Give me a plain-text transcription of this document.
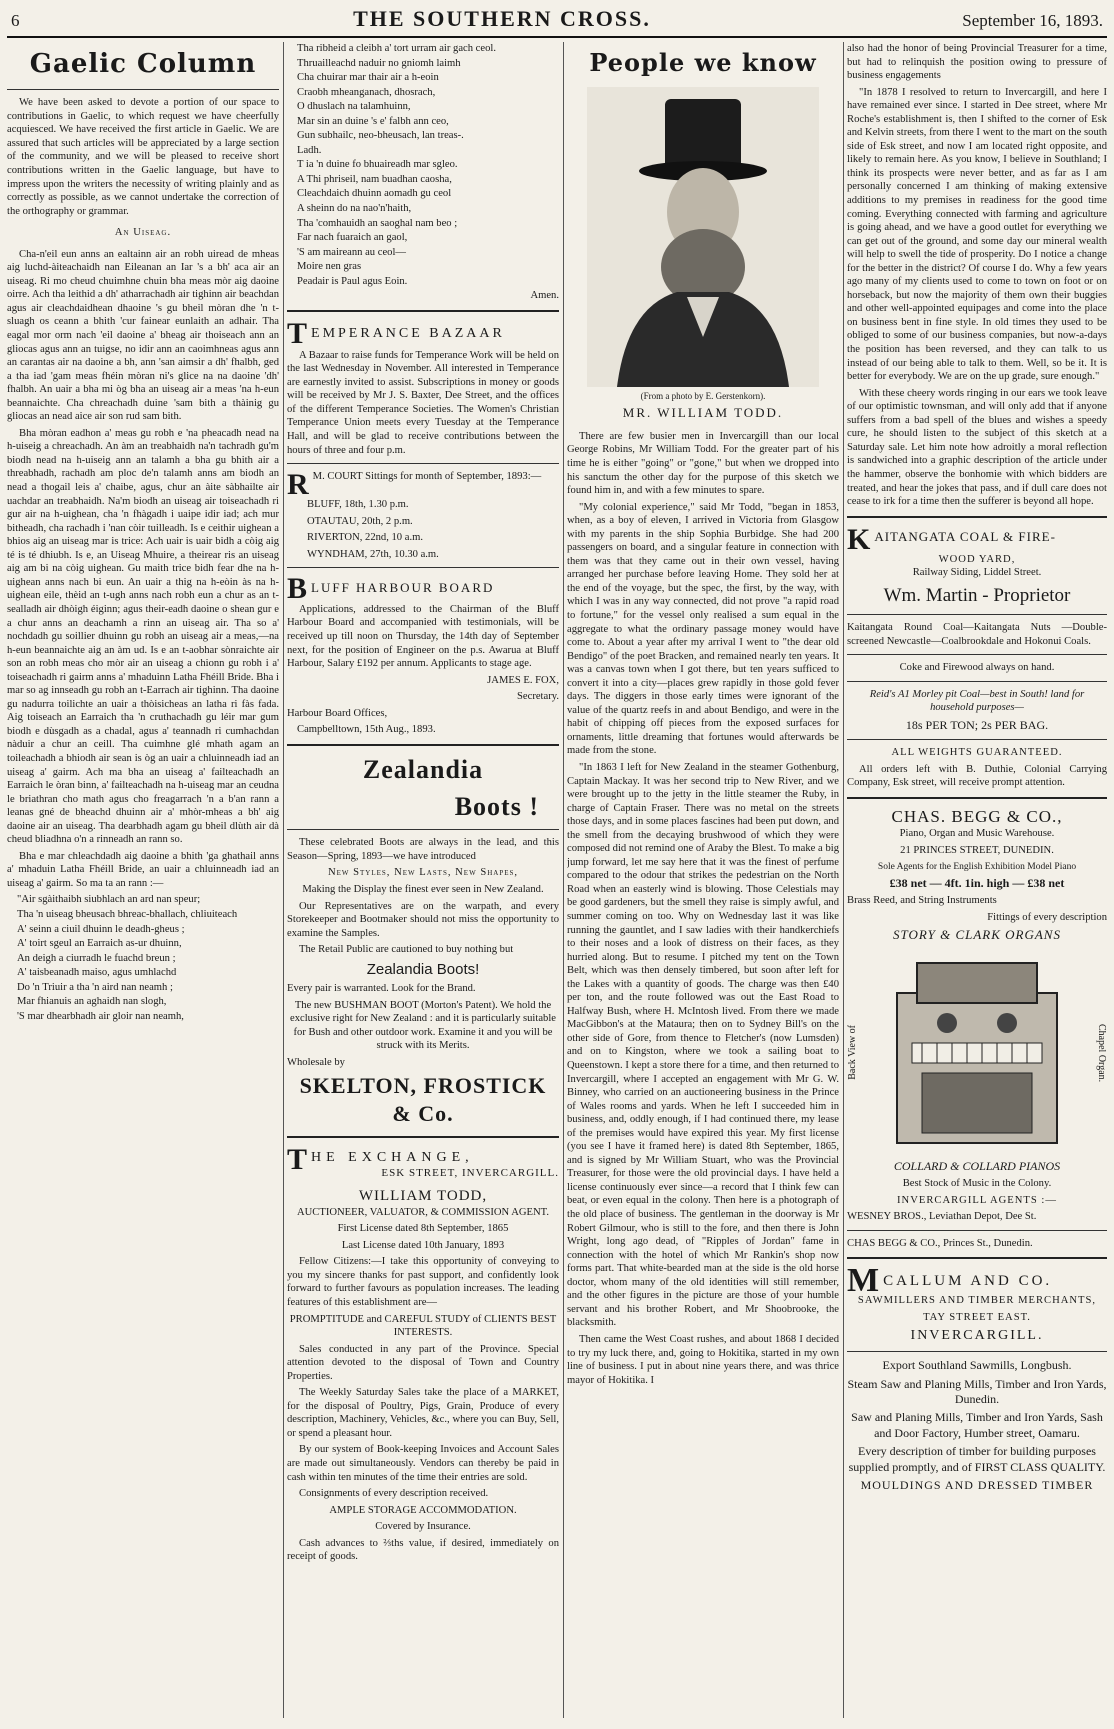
6	THE SOUTHERN CROSS.	September 16, 1893.
Gaelic Column

We have been asked to devote a portion of our space to contributions in Gaelic, to which request we have cheerfully acquiesced. We have received the first article in Gaelic. We are assured that such articles will be appreciated by a large section of the community, and we will be pleased to receive short contributions written in the Gaelic language, but have to impress upon the writers the necessity of writing plainly and as correctly as possible, as we cannot undertake the correction of the orthography or grammar.

An Uiseag.

Cha-n'eil eun anns an ealtainn air an robh uiread de mheas aig luchd-àiteachaidh nan Eileanan an Iar 's a bh' aca air an uiseag. Ri mo cheud chuimhne chuin bha meas mòr aig daoine oirre. Ach tha leithid a dh' atharrachadh air tighinn air beachdan agus air cleachdaidhean dhaoine 's gu bheil mòran dhe 'n t-sluagh os ceann a bhith 'cur fainear eunlaith an adhair. Tha eagal mor orm nach 'eil daoine a' bheag air thoiseach ann an gliocas agus ann an tuigse, no idir ann an caoimhneas agus ann an carantas air na daoine a bh, ann 'san aimsir a dh' fhalbh, ged a tha iad 'gam meas fhéin mòran ni's glice na na daoine 'dh' fhalbh. An uair a bha mi òg bha an uiseag air a meas 'na h-eun beannaichte. Cha chreachadh duine 'sam bith a thàinig gu gliocas an nead aice air son rud sam bith.

Bha mòran eadhon a' meas gu robh e 'na pheacadh nead na h-uiseig a chreachadh. An àm an treabhaidh na'n tachradh gu'm biodh nead na h-uiseig ann an talamh a bha gu bhith air a threabhadh, rachadh am ploc de'n talamh anns am biodh an nead a thogail leis a' chaibe, agus, chur an àite sàbhailte air uachdar an treabhaidh. Na'm biodh an uiseag air toiseachadh ri gur air na h-uighean, cha 'n fhàgadh i uaipe idir iad; ach mur bitheadh, cha rachadh i 'nan còir tuilleadh. Is e ceithir uighean a bhios aig an uiseag mar is trice: Ach uair is uair bidh a còig aig té is té dhiubh. Is e, an Uiseag Mhuire, a theirear ris an uiseag aig am bi na còig uighean. Gu maith trice bidh fear dhe na h-uighean anns nach bi eun. An uair a thig na h-eòin às na h-uighean eile, thèid an t-ugh anns nach robh eun a chur as an t-sealladh air dhòigh éiginn; agus their-eadh daoine o shean gur e a chur anns an deachamh a rinn an uiseag air. Tha so a' nochdadh gu soillier dhuinn gu robh an uiseag air a meas,—na h-eun beannaichte aig an àm ud. Is e an t-aobhar sònraichte air son an robh meas cho mòr air an uiseag a chionn gu robh i a' toiseachadh ri gairm anns a' mhaduinn Latha Fhéill Bride. Bha i mar so ag innseadh gu robh an t-Earrach air tighinn. Tha daoine gu nadurra toilichte an uair a thòisicheas an latha ri fàs fada. Aig toiseach an Earraich tha 'n cruthachadh gu léir mar gum biodh e dùsgadh as a chadal, agus a' teannadh ri cumhachdan nàduir a chur an ceill. Tha cuimhne glé mhath agam an toileachadh a bhiodh air sean is òg an uair a chluinneadh iad an uiseag a' gairm. Ach ma bha an uiseag a' failteachadh an Earraich le òran binn, a' failteachadh na h-uiseag mar an ceudna le briathran cho math agus cho freagarrach 'n a b'an rann a leanas gné de bheachd dhuinn air a' mhòr-mheas a bh' aig daoine air an uiseag. Tha dearbhadh agam gu bheil dlùth air dà cheud bliadhna o'n a rinneadh an rann so.

Bha e mar chleachdadh aig daoine a bhith 'ga ghathail anns a' mhaduin Latha Fhéill Bride, an uair a chluinneadh iad an uiseag a' gairm. So ma ta an rann :—

"Air sgàithaibh siubhlach an ard nan speur;

Tha 'n uiseag bheusach bhreac-bhallach, chliuiteach

A' seinn a ciuil dhuinn le deadh-gheus ;

A' toirt sgeul an Earraich as-ur dhuinn,

An deigh a ciurradh le fuachd breun ;

A' taisbeanadh maiso, agus umhlachd

Do 'n Triuir a tha 'n aird nan neamh ;

Mar fhianuis an aghaidh nan slogh,

'S mar dhearbhadh air gloir nan neamh,

Tha ribheid a cleibh a' tort urram air gach ceol.

Thruailleachd naduir no gniomh laimh

Cha chuirar mar thair air a h-eoin

Craobh mheanganach, dhosrach,

O dhuslach na talamhuinn,

Mar sin an duine 's e' falbh ann ceo,

Gun subhailc, neo-bheusach, lan treas-.

Ladh.

T ia 'n duine fo bhuaireadh mar sgleo.

A Thi phriseil, nam buadhan caosha,

Cleachdaich dhuinn aomadh gu ceol

A sheinn do na nao'n'haith,

Tha 'comhauidh an saoghal nam beo ;

Far nach fuaraich an gaol,

'S am maireann au ceol—

Moire nen gras

Peadair is Paul agus Eoin.

Amen.

T EMPERANCE BAZAAR

A Bazaar to raise funds for Temperance Work will be held on the last Wednesday in November. All interested in Temperance are earnestly invited to assist. Subscriptions in money or goods will be received by Mr J. S. Baxter, Dee Street, and the offices of the different Temperance Societies. The Women's Christian Temperance Union meets every Tuesday at the Temperance Hall, and will be glad to receive contributions between the hours of three and four p.m.

R M. COURT Sittings for month of September, 1893:—

BLUFF, 18th, 1.30 p.m.

OTAUTAU, 20th, 2 p.m.

RIVERTON, 22nd, 10 a.m.

WYNDHAM, 27th, 10.30 a.m.

B LUFF HARBOUR BOARD

Applications, addressed to the Chairman of the Bluff Harbour Board and accompanied with testimonials, will be received up till noon on Thursday, the 14th day of September next, for the position of Engineer on the p.s. Awarua at Bluff Harbour, Salary £192 per annum. Applicants to stage age.

JAMES E. FOX,

Secretary.

Harbour Board Offices,

Campbelltown, 15th Aug., 1893.

Zealandia
Boots !

These celebrated Boots are always in the lead, and this Season—Spring, 1893—we have introduced

New Styles, New Lasts, New Shapes,

Making the Display the finest ever seen in New Zealand.

Our Representatives are on the warpath, and every Storekeeper and Bootmaker should not miss the opportunity to examine the Samples.

The Retail Public are cautioned to buy nothing but

Zealandia Boots!

Every pair is warranted. Look for the Brand.

The new BUSHMAN BOOT (Morton's Patent). We hold the exclusive right for New Zealand : and it is particularly suitable for Bush and other outdoor work. Examine it and you will be struck with its Merits.

Wholesale by

SKELTON, FROSTICK & Co.
T HE EXCHANGE,
ESK STREET, INVERCARGILL.
WILLIAM TODD,

AUCTIONEER, VALUATOR, & COMMISSION AGENT.

First License dated 8th September, 1865

Last License dated 10th January, 1893

Fellow Citizens:—I take this opportunity of conveying to you my sincere thanks for past support, and confidently look forward to further favours as population increases. The leading features of this establishment are—

PROMPTITUDE and CAREFUL STUDY of CLIENTS BEST INTERESTS.

Sales conducted in any part of the Province. Special attention devoted to the disposal of Town and Country Properties.

The Weekly Saturday Sales take the place of a MARKET, for the disposal of Poultry, Pigs, Grain, Produce of every description, Machinery, Vehicles, &c., where you can Buy, Sell, or spend a pleasant hour.

By our system of Book-keeping Invoices and Account Sales are made out simultaneously. Vendors can thereby be paid in cash within ten minutes of the time their entries are sold.

Consignments of every description received.

AMPLE STORAGE ACCOMMODATION.

Covered by Insurance.

Cash advances to ⅔ths value, if desired, immediately on receipt of goods.

People we know
(From a photo by E. Gerstenkorn).
MR. WILLIAM TODD.

There are few busier men in Invercargill than our local George Robins, Mr William Todd. For the greater part of his time he is either "going" or "gone," but when we dropped into his sanctum the other day for the purpose of this sketch we found him in, and with a few minutes to spare.

"My colonial experience," said Mr Todd, "began in 1853, when, as a boy of eleven, I arrived in Victoria from Glasgow with my parents in the ship Sophia Burbidge. She had 200 passengers on board, and a singular feature in connection with them was that they came out in their own vessel, having arranged her purchase before leaving Home. They sold her at the end of the voyage, but the spec, the first, by the way, with which I was in any way connected, did not prove "a rapid road to fortune," for the vessel only realised a sum equal in the aggregate to what the ordinary passage money would have come to. About a year after my arrival I went to "the dear old Bendigo" of the poet Bracken, and remained nearly ten years. It was a canvas town when I got there, but ten years sufficed to convert it into a city—places grew rapidly in those gold fever days. The diggers in those early times were ignorant of the value of the quartz reefs in and about Bendigo, and were in the habit of chipping off pieces from the exposed surfaces for ornaments, little dreaming that fortunes would afterwards be made from the stone.

"In 1863 I left for New Zealand in the steamer Gothenburg, Captain Mackay. It was her second trip to New River, and we were brought up to the jetty in the little steamer the Ruby, in charge of Captain Fraser. There was no metal on the streets those days, and in some places fascines had been put down, and the smell from the decaying brushwood of which they were composed did not remind one of Araby the Blest. To make a big jump forward, let me say here that it was the finest of perfume compared to the odour that strikes the pedestrian on the North Road when an easterly wind is blowing. Those Celestials may be good gardeners, but the smell they raise is simply awful, and summer coming on too. Why on Wednesday last it was like running the gauntlet, and I saw ladies with their handkerchiefs to their noses and a look of distress on their faces, as they hurried along. But to resume. I pitched my tent on the Town Belt, which was then densely timbered, but soon after left for the Lakes with a quantity of goods. The charge was then £40 per ton, and the route followed was out the East Road to Halfway Bush, where H. McIntosh lived. From there we made MacGibbon's at the Mataura; then on to Sydney Bill's on the other side of Gore, from thence to Fletcher's (now Lumsden) and on to Kingston, where we took a sailing boat to Queenstown. I kept a store there for a time, and then returned to Invercargill, where I accepted an engagement with Mr G. W. Binney, who carried on an auctioneering business in the Prince of Wales rooms and yards. When he left I succeeded him in business, and, oddly enough, if I had continued there, my lease of the premises would have expired this year. My first license (you see I have it framed here) is dated 8th September, 1865, and is signed by Mr William Stuart, who was the Provincial Treasurer, for those were the old provincial days. I have held a license continuously ever since—a record that I think few can beat, or even equal in the colony. Then here is a photograph of the old place of business. The gentleman in the doorway is Mr Robert Gilmour, who is still to the fore, and then there is John Wright, long ago dead, of "Ripples of Jordan" fame in connection with the hotel of which Mr Rankin's shop now forms part. That white-bearded man at the side is the old horse doctor, whom many of the old identities will still remember, and the other figures in the picture are those of your humble servant and his brother Robert, and Mr Shoobrooke, the blacksmith.

Then came the West Coast rushes, and about 1868 I decided to try my luck there, and, going to Hokitika, started in my own line of business. I put in about nine years there, and was thrice mayor of Hokitika. I

also had the honor of being Provincial Treasurer for a time, but had to relinquish the position owing to pressure of business engagements

"In 1878 I resolved to return to Invercargill, and here I have remained ever since. I started in Dee street, where Mr Roche's establishment is, then I shifted to the corner of Esk and Kelvin streets, from there I went to the mart on the south side of Esk street, and now I am located right opposite, and likely to remain here. As you know, I believe in Southland; I think its prospects were never better, and as far as I am personally concerned I am thinking of making extensive additions to my premises in readiness for the good time coming. Everything connected with farming and agriculture is going ahead, and we have a good outlet for everything we can get out of the ground, and some day our mineral wealth will help to swell the tide of prosperity. Do I notice a change for the better in the district? Of course I do. Why a few years ago many of my clients used to come to town on foot or on horseback, but now the majority of them own their buggies and other well-appointed equipages and come into the place on business bent in fine style. In old times they used to be obliged to some of our business companies, but now-a-days the position has been reversed, and they can talk to us instead of our being able to talk to them. Well, so be it. It is better for everybody. We are on the up grade, sure enough."

With these cheery words ringing in our ears we took leave of our optimistic townsman, and will only add that if anyone suffers from a bad spell of the blues and wishes a speedy cure, he should listen to the subject of this sketch at a Saturday sale. Let him note how adroitly a moral reflection is sandwiched into a graphic description of the article under the hammer, observe the bonhomie with which bidders are treated, and hear the jokes that pass, and if dull care does not cease to irk for a time then the sufferer is beyond all hope.

K AITANGATA COAL & FIRE-
WOOD YARD,

Railway Siding, Liddel Street.

Wm. Martin - Proprietor

Kaitangata Round Coal—Kaitangata Nuts —Double-screened Newcastle—Coalbrookdale and Hokonui Coals.

Coke and Firewood always on hand.

Reid's A1 Morley pit Coal—best in South! land for household purposes—

18s PER TON; 2s PER BAG.

ALL WEIGHTS GUARANTEED.

All orders left with B. Duthie, Colonial Carrying Company, Esk street, will receive prompt attention.

CHAS. BEGG & CO.,

Piano, Organ and Music Warehouse.

21 PRINCES STREET, DUNEDIN.

Sole Agents for the English Exhibition Model Piano

£38 net — 4ft. 1in. high — £38 net

Brass Reed, and String Instruments

Fittings of every description

STORY & CLARK ORGANS

Back View of	Chapel Organ.

COLLARD & COLLARD PIANOS

Best Stock of Music in the Colony.

INVERCARGILL AGENTS :—

WESNEY BROS., Leviathan Depot, Dee St.

CHAS BEGG & CO., Princes St., Dunedin.

M CALLUM AND CO.

SAWMILLERS AND TIMBER MERCHANTS,

TAY STREET EAST.

INVERCARGILL.

Export Southland Sawmills, Longbush.

Steam Saw and Planing Mills, Timber and Iron Yards, Dunedin.

Saw and Planing Mills, Timber and Iron Yards, Sash and Door Factory, Humber street, Oamaru.

Every description of timber for building purposes supplied promptly, and of FIRST CLASS QUALITY.

MOULDINGS AND DRESSED TIMBER
